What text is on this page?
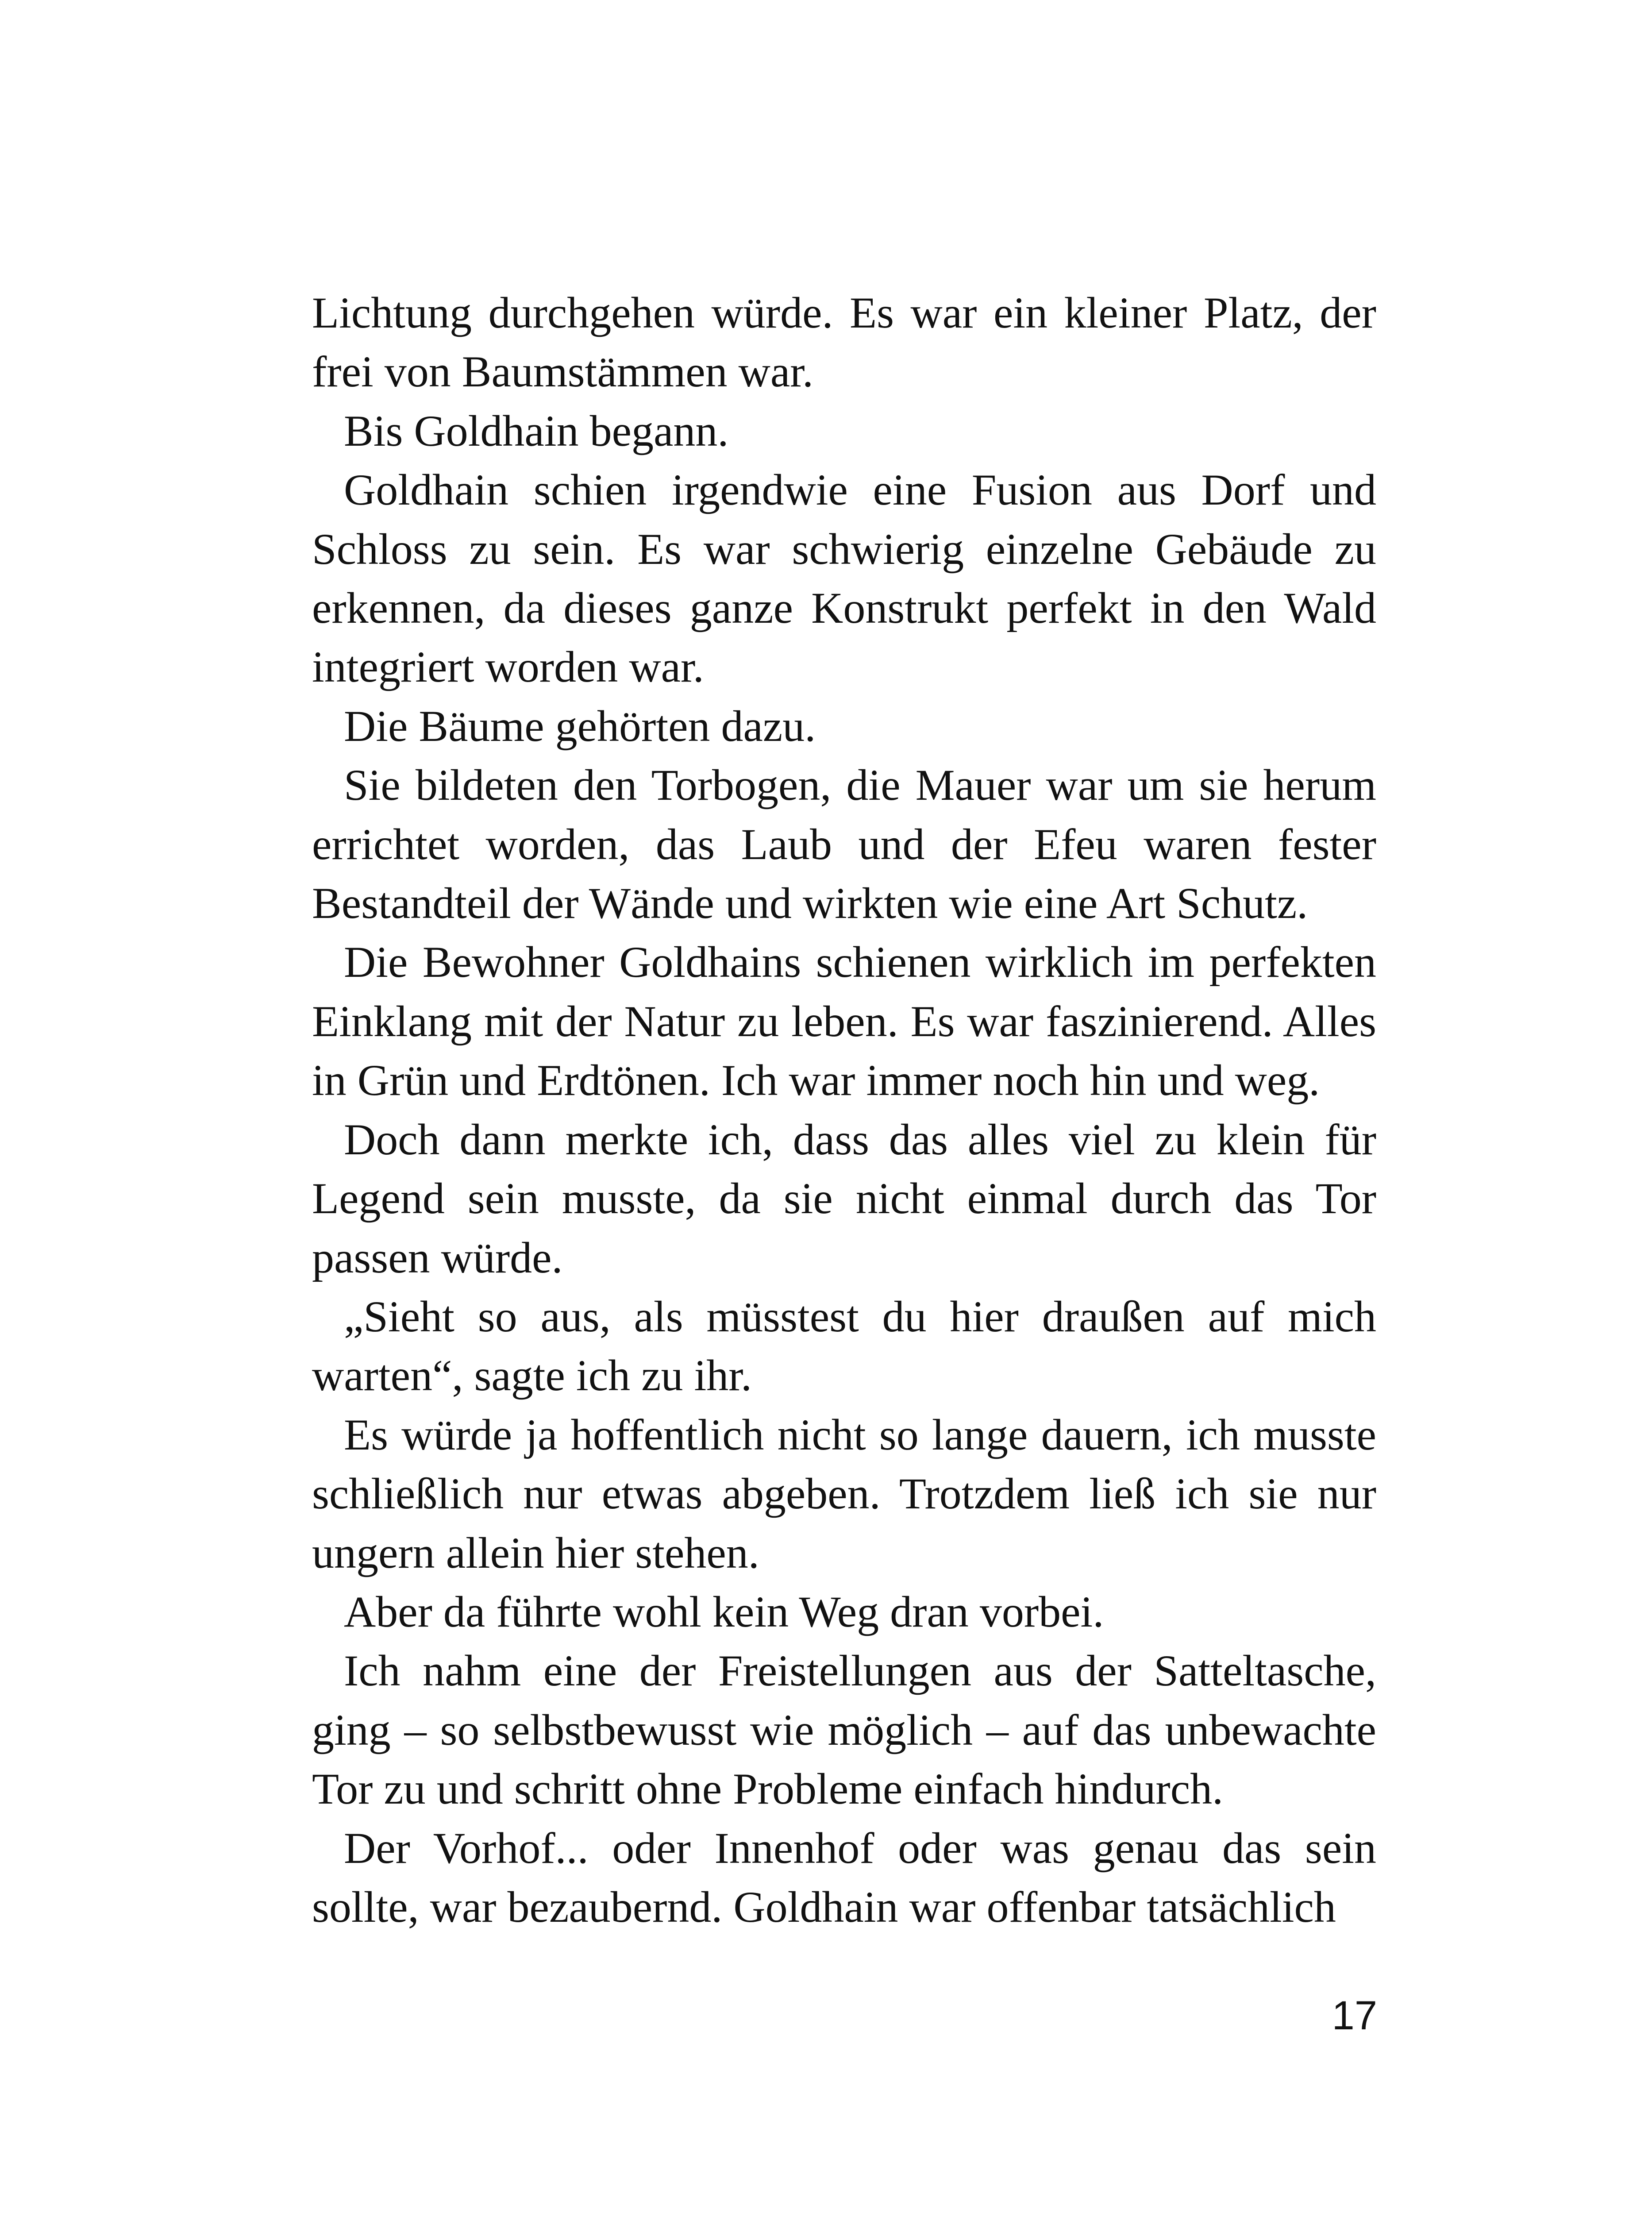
Lichtung durchgehen würde. Es war ein kleiner Platz, der frei von Baumstämmen war.

Bis Goldhain begann.

Goldhain schien irgendwie eine Fusion aus Dorf und Schloss zu sein. Es war schwierig einzelne Gebäude zu erkennen, da dieses ganze Konstrukt perfekt in den Wald integriert worden war.

Die Bäume gehörten dazu.

Sie bildeten den Torbogen, die Mauer war um sie herum errichtet worden, das Laub und der Efeu waren fester Bestandteil der Wände und wirkten wie eine Art Schutz.

Die Bewohner Goldhains schienen wirklich im perfekten Einklang mit der Natur zu leben. Es war faszinierend. Alles in Grün und Erdtönen. Ich war immer noch hin und weg.

Doch dann merkte ich, dass das alles viel zu klein für Legend sein musste, da sie nicht einmal durch das Tor passen würde.

„Sieht so aus, als müsstest du hier draußen auf mich warten“, sagte ich zu ihr.

Es würde ja hoffentlich nicht so lange dauern, ich musste schließlich nur etwas abgeben. Trotzdem ließ ich sie nur ungern allein hier stehen.

Aber da führte wohl kein Weg dran vorbei.

Ich nahm eine der Freistellungen aus der Satteltasche, ging – so selbstbewusst wie möglich – auf das unbewachte Tor zu und schritt ohne Probleme einfach hindurch.

Der Vorhof... oder Innenhof oder was genau das sein sollte, war bezaubernd. Goldhain war offenbar tatsächlich

17
